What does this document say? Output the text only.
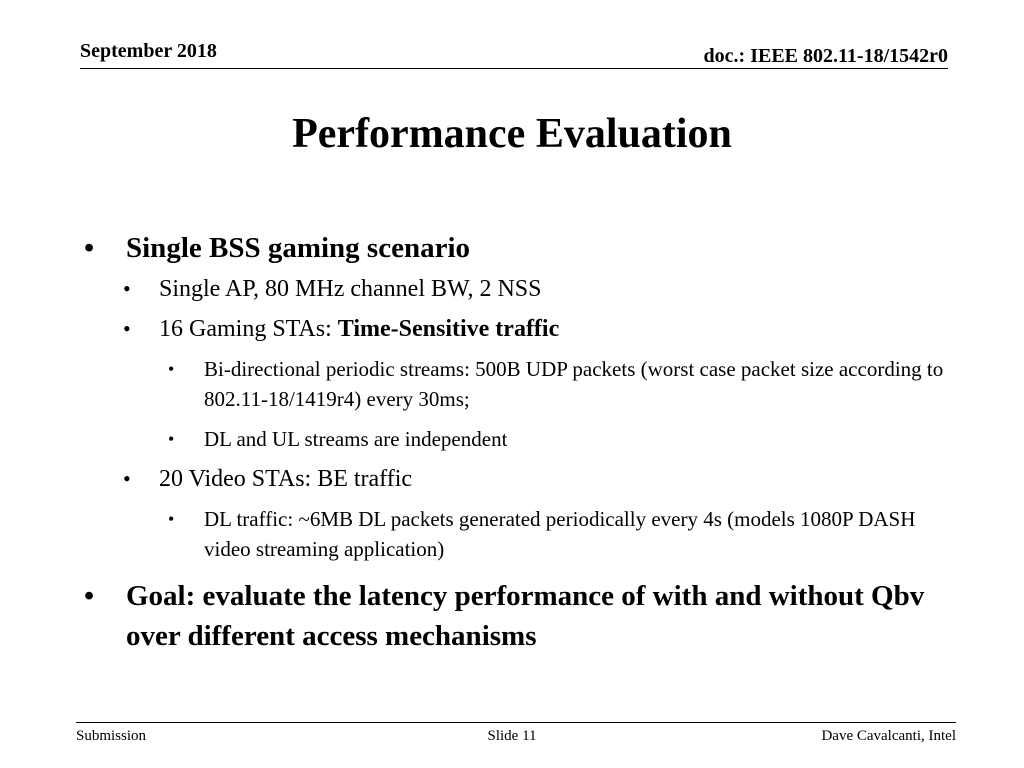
September 2018	doc.: IEEE 802.11-18/1542r0
Performance Evaluation
• Single BSS gaming scenario
• Single AP, 80 MHz channel BW, 2 NSS
• 16 Gaming STAs: Time-Sensitive traffic
• Bi-directional periodic streams: 500B UDP packets (worst case packet size according to 802.11-18/1419r4) every 30ms;
• DL and UL streams are independent
• 20 Video STAs: BE traffic
• DL traffic: ~6MB DL packets generated periodically every 4s (models 1080P DASH video streaming application)
• Goal: evaluate the latency performance of with and without Qbv over different access mechanisms
Submission	Slide 11	Dave Cavalcanti, Intel
